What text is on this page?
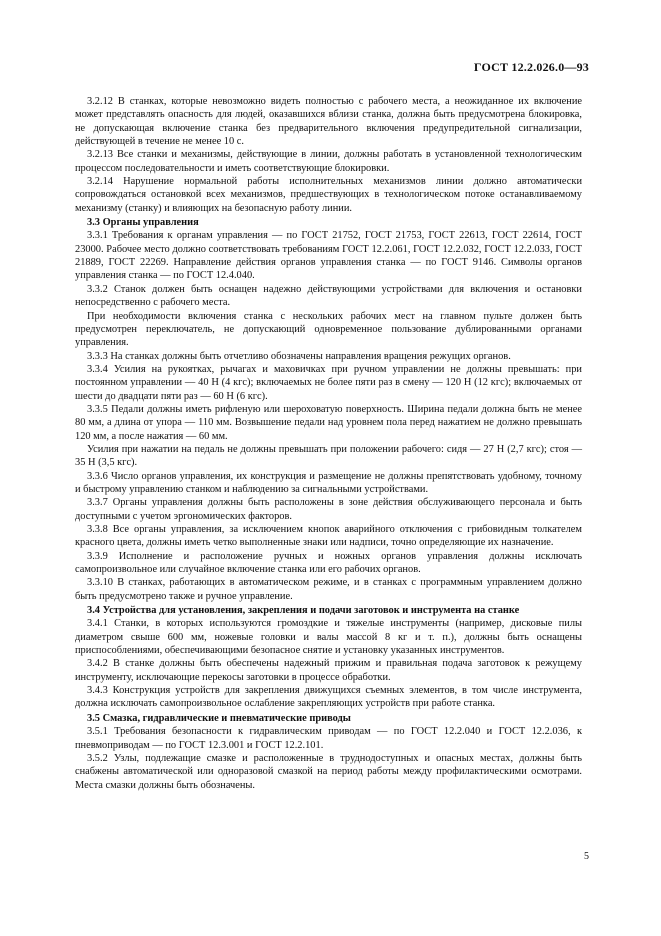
ГОСТ 12.2.026.0—93

3.2.12 В станках, которые невозможно видеть полностью с рабочего места, а неожиданное их включение может представлять опасность для людей, оказавшихся вблизи станка, должна быть предусмотрена блокировка, не допускающая включение станка без предварительного включения предупредительной сигнализации, действующей в течение не менее 10 с.

3.2.13 Все станки и механизмы, действующие в линии, должны работать в установленной технологическим процессом последовательности и иметь соответствующие блокировки.

3.2.14 Нарушение нормальной работы исполнительных механизмов линии должно автоматически сопровождаться остановкой всех механизмов, предшествующих в технологическом потоке останавливаемому механизму (станку) и влияющих на безопасную работу линии.

3.3 Органы управления

3.3.1 Требования к органам управления — по ГОСТ 21752, ГОСТ 21753, ГОСТ 22613, ГОСТ 22614, ГОСТ 23000. Рабочее место должно соответствовать требованиям ГОСТ 12.2.061, ГОСТ 12.2.032, ГОСТ 12.2.033, ГОСТ 21889, ГОСТ 22269. Направление действия органов управления станка — по ГОСТ 9146. Символы органов управления станка — по ГОСТ 12.4.040.

3.3.2 Станок должен быть оснащен надежно действующими устройствами для включения и остановки непосредственно с рабочего места.

При необходимости включения станка с нескольких рабочих мест на главном пульте должен быть предусмотрен переключатель, не допускающий одновременное пользование дублированными органами управления.

3.3.3 На станках должны быть отчетливо обозначены направления вращения режущих органов.

3.3.4 Усилия на рукоятках, рычагах и маховичках при ручном управлении не должны превышать: при постоянном управлении — 40 Н (4 кгс); включаемых не более пяти раз в смену — 120 Н (12 кгс); включаемых от шести до двадцати пяти раз — 60 Н (6 кгс).

3.3.5 Педали должны иметь рифленую или шероховатую поверхность. Ширина педали должна быть не менее 80 мм, а длина от упора — 110 мм. Возвышение педали над уровнем пола перед нажатием не должно превышать 120 мм, а после нажатия — 60 мм.

Усилия при нажатии на педаль не должны превышать при положении рабочего: сидя — 27 Н (2,7 кгс); стоя — 35 Н (3,5 кгс).

3.3.6 Число органов управления, их конструкция и размещение не должны препятствовать удобному, точному и быстрому управлению станком и наблюдению за сигнальными устройствами.

3.3.7 Органы управления должны быть расположены в зоне действия обслуживающего персонала и быть доступными с учетом эргономических факторов.

3.3.8 Все органы управления, за исключением кнопок аварийного отключения с грибовидным толкателем красного цвета, должны иметь четко выполненные знаки или надписи, точно определяющие их назначение.

3.3.9 Исполнение и расположение ручных и ножных органов управления должны исключать самопроизвольное или случайное включение станка или его рабочих органов.

3.3.10 В станках, работающих в автоматическом режиме, и в станках с программным управлением должно быть предусмотрено также и ручное управление.

3.4 Устройства для установления, закрепления и подачи заготовок и инструмента на станке

3.4.1 Станки, в которых используются громоздкие и тяжелые инструменты (например, дисковые пилы диаметром свыше 600 мм, ножевые головки и валы массой 8 кг и т. п.), должны быть оснащены приспособлениями, обеспечивающими безопасное снятие и установку указанных инструментов.

3.4.2 В станке должны быть обеспечены надежный прижим и правильная подача заготовок к режущему инструменту, исключающие перекосы заготовки в процессе обработки.

3.4.3 Конструкция устройств для закрепления движущихся съемных элементов, в том числе инструмента, должна исключать самопроизвольное ослабление закрепляющих устройств при работе станка.

3.5 Смазка, гидравлические и пневматические приводы

3.5.1 Требования безопасности к гидравлическим приводам — по ГОСТ 12.2.040 и ГОСТ 12.2.036, к пневмоприводам — по ГОСТ 12.3.001 и ГОСТ 12.2.101.

3.5.2 Узлы, подлежащие смазке и расположенные в труднодоступных и опасных местах, должны быть снабжены автоматической или одноразовой смазкой на период работы между профилактическими осмотрами. Места смазки должны быть обозначены.

5
